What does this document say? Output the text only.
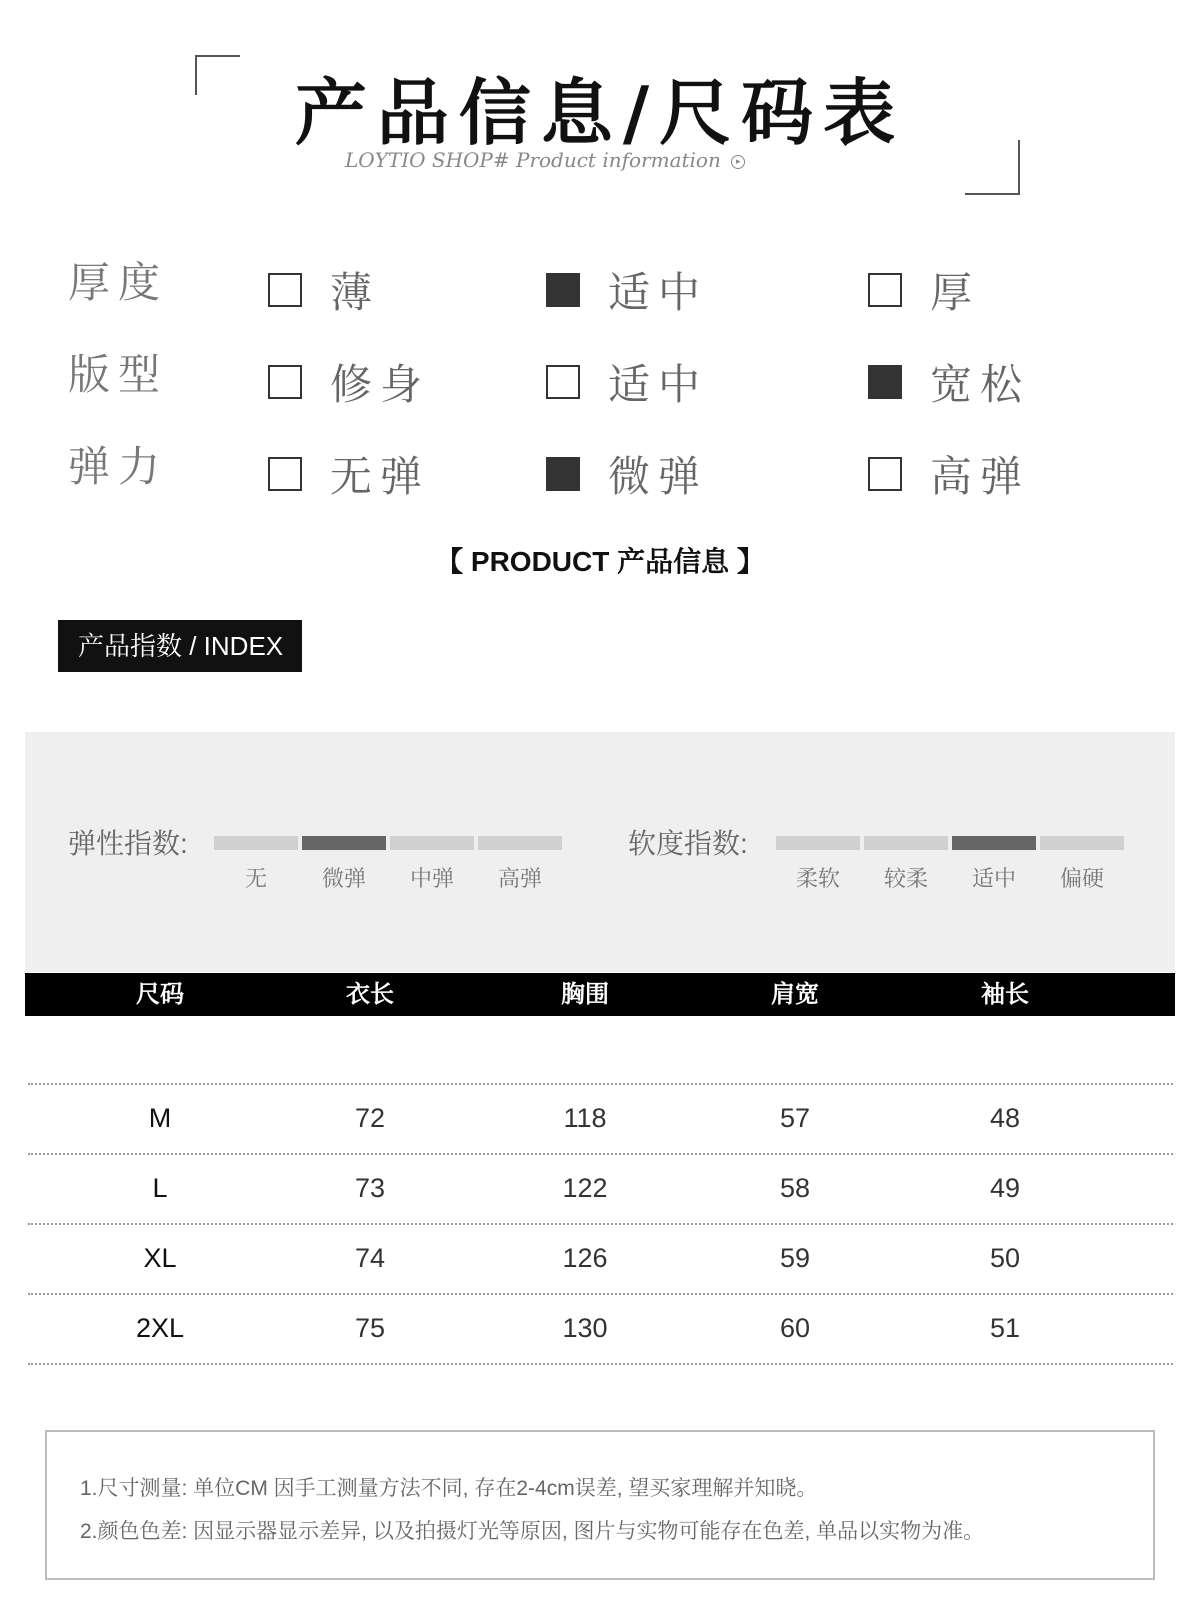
产品信息/尺码表
LOYTIO SHOP# Product information ▸
厚度	薄	适中	厚
版型	修身	适中	宽松
弹力	无弹	微弹	高弹
【 PRODUCT 产品信息 】
产品指数 / INDEX
弹性指数:
无	微弹	中弹	高弹
软度指数:
柔软	较柔	适中	偏硬
尺码	衣长	胸围	肩宽	袖长
M	72	118	57	48
L	73	122	58	49
XL	74	126	59	50
2XL	75	130	60	51
1.尺寸测量: 单位CM 因手工测量方法不同, 存在2-4cm误差, 望买家理解并知晓。
2.颜色色差: 因显示器显示差异, 以及拍摄灯光等原因, 图片与实物可能存在色差, 单品以实物为准。
